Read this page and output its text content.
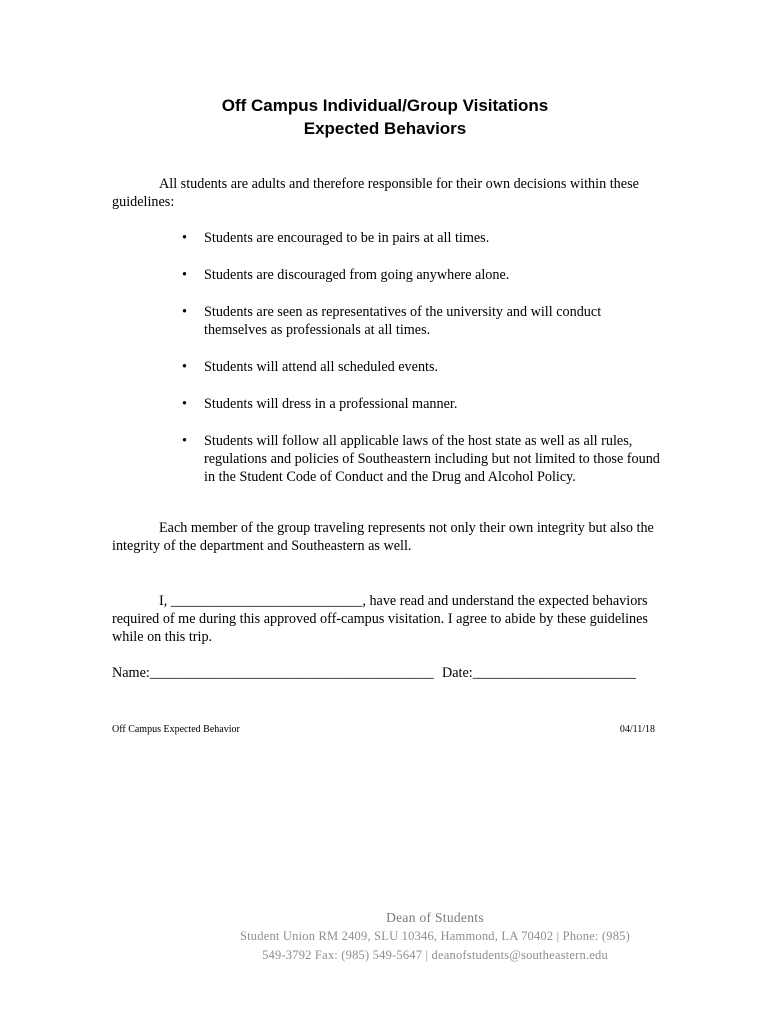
Off Campus Individual/Group Visitations
Expected Behaviors

All students are adults and therefore responsible for their own decisions within these guidelines:

• Students are encouraged to be in pairs at all times.
• Students are discouraged from going anywhere alone.
• Students are seen as representatives of the university and will conduct themselves as professionals at all times.
• Students will attend all scheduled events.
• Students will dress in a professional manner.
• Students will follow all applicable laws of the host state as well as all rules, regulations and policies of Southeastern including but not limited to those found in the Student Code of Conduct and the Drug and Alcohol Policy.

Each member of the group traveling represents not only their own integrity but also the integrity of the department and Southeastern as well.

I, ___________________________, have read and understand the expected behaviors required of me during this approved off-campus visitation. I agree to abide by these guidelines while on this trip.

Name:________________________________________ Date:_______________________
Off Campus Expected Behavior	04/11/18
Dean of Students
Student Union RM 2409, SLU 10346, Hammond, LA 70402 | Phone: (985)
549-3792 Fax: (985) 549-5647 | deanofstudents@southeastern.edu
